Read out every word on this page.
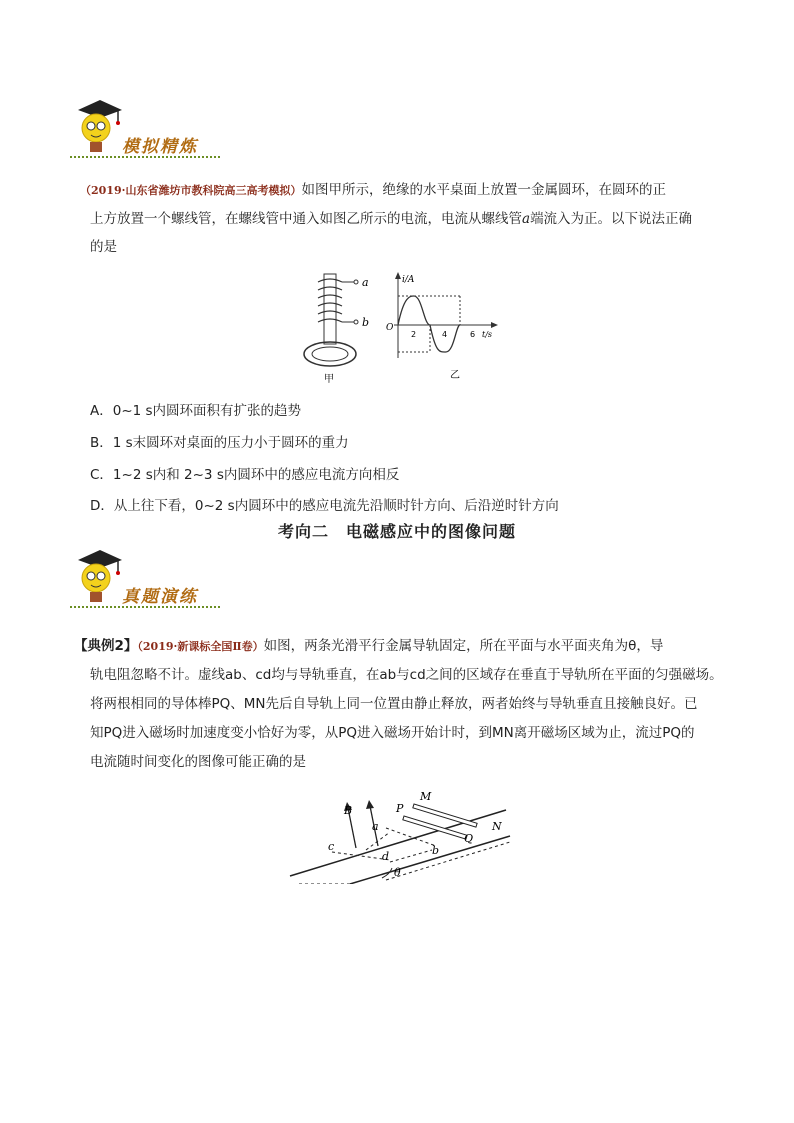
模拟精炼
（2019·山东省潍坊市教科院高三高考模拟）如图甲所示，绝缘的水平桌面上放置一金属圆环，在圆环的正
上方放置一个螺线管，在螺线管中通入如图乙所示的电流，电流从螺线管a端流入为正。以下说法正确
的是
a
b
甲
i/A
t/s
O
2	4	6
乙
A．0~1 s内圆环面积有扩张的趋势
B．1 s末圆环对桌面的压力小于圆环的重力
C．1~2 s内和 2~3 s内圆环中的感应电流方向相反
D．从上往下看，0~2 s内圆环中的感应电流先沿顺时针方向、后沿逆时针方向
考向二　电磁感应中的图像问题
真题演练
【典例2】（2019·新课标全国Ⅱ卷）如图，两条光滑平行金属导轨固定，所在平面与水平面夹角为θ，导
轨电阻忽略不计。虚线ab、cd均与导轨垂直，在ab与cd之间的区域存在垂直于导轨所在平面的匀强磁场。
将两根相同的导体棒PQ、MN先后自导轨上同一位置由静止释放，两者始终与导轨垂直且接触良好。已
知PQ进入磁场时加速度变小恰好为零，从PQ进入磁场开始计时，到MN离开磁场区域为止，流过PQ的
电流随时间变化的图像可能正确的是
B	P
M
N
Q
a
b
c
d
θ
